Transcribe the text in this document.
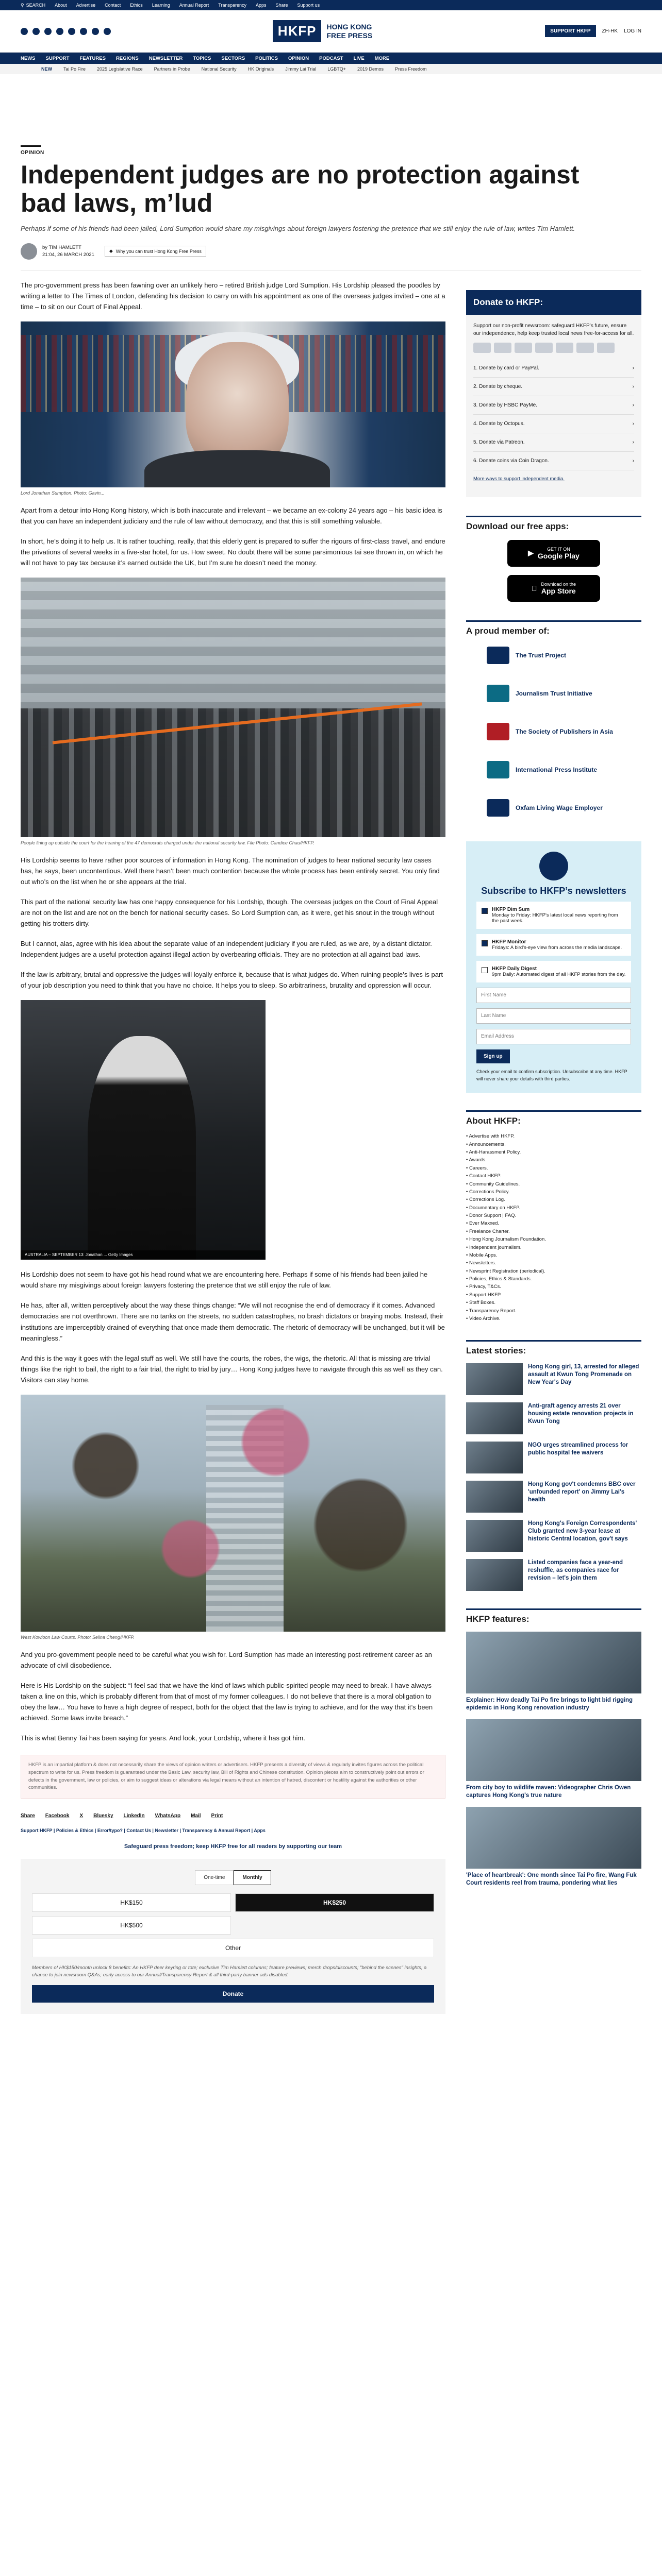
⚲ SEARCH About Advertise Contact Ethics Learning Annual Report Transparency Apps Share Support us
HKFP	HONG KONG FREE PRESS	SUPPORT HKFP	ZH-HK LOG IN
NEWS SUPPORT FEATURES REGIONS NEWSLETTER TOPICS SECTORS POLITICS OPINION PODCAST LIVE MORE
NEW Tai Po Fire 2025 Legislative Race Partners in Probe National Security HK Originals Jimmy Lai Trial LGBTQ+ 2019 Demos Press Freedom
OPINION
Independent judges are no protection against bad laws, m’lud
Perhaps if some of his friends had been jailed, Lord Sumption would share my misgivings about foreign lawyers fostering the pretence that we still enjoy the rule of law, writes Tim Hamlett.
by TIM HAMLETT
21:04, 26 MARCH 2021
◆ Why you can trust Hong Kong Free Press

The pro-government press has been fawning over an unlikely hero – retired British judge Lord Sumption. His Lordship pleased the poodles by writing a letter to The Times of London, defending his decision to carry on with his appointment as one of the overseas judges invited – one at a time – to sit on our Court of Final Appeal.

Lord Jonathan Sumption. Photo: Gavin...

Apart from a detour into Hong Kong history, which is both inaccurate and irrelevant – we became an ex-colony 24 years ago – his basic idea is that you can have an independent judiciary and the rule of law without democracy, and that this is still something valuable.

In short, he’s doing it to help us. It is rather touching, really, that this elderly gent is prepared to suffer the rigours of first-class travel, and endure the privations of several weeks in a five-star hotel, for us. How sweet. No doubt there will be some parsimonious tai see thrown in, on which he will not have to pay tax because it’s earned outside the UK, but I’m sure he doesn’t need the money.

People lining up outside the court for the hearing of the 47 democrats charged under the national security law. File Photo: Candice Chau/HKFP.

His Lordship seems to have rather poor sources of information in Hong Kong. The nomination of judges to hear national security law cases has, he says, been uncontentious. Well there hasn’t been much contention because the whole process has been entirely secret. You only find out who’s on the list when he or she appears at the trial.

This part of the national security law has one happy consequence for his Lordship, though. The overseas judges on the Court of Final Appeal are not on the list and are not on the bench for national security cases. So Lord Sumption can, as it were, get his snout in the trough without getting his trotters dirty.

But I cannot, alas, agree with his idea about the separate value of an independent judiciary if you are ruled, as we are, by a distant dictator. Independent judges are a useful protection against illegal action by overbearing officials. They are no protection at all against bad laws.

If the law is arbitrary, brutal and oppressive the judges will loyally enforce it, because that is what judges do. When ruining people’s lives is part of your job description you need to think that you have no choice. It helps you to sleep. So arbitrariness, brutality and oppression will occur.

AUSTRALIA – SEPTEMBER 13: Jonathan ... Getty Images

His Lordship does not seem to have got his head round what we are encountering here. Perhaps if some of his friends had been jailed he would share my misgivings about foreign lawyers fostering the pretence that we still enjoy the rule of law.

He has, after all, written perceptively about the way these things change: “We will not recognise the end of democracy if it comes. Advanced democracies are not overthrown. There are no tanks on the streets, no sudden catastrophes, no brash dictators or braying mobs. Instead, their institutions are imperceptibly drained of everything that once made them democratic. The rhetoric of democracy will be unchanged, but it will be meaningless.”

And this is the way it goes with the legal stuff as well. We still have the courts, the robes, the wigs, the rhetoric. All that is missing are trivial things like the right to bail, the right to a fair trial, the right to trial by jury… Hong Kong judges have to navigate through this as well as they can. Visitors can stay home.

West Kowloon Law Courts. Photo: Selina Cheng/HKFP.

And you pro-government people need to be careful what you wish for. Lord Sumption has made an interesting post-retirement career as an advocate of civil disobedience.

Here is His Lordship on the subject: “I feel sad that we have the kind of laws which public-spirited people may need to break. I have always taken a line on this, which is probably different from that of most of my former colleagues. I do not believe that there is a moral obligation to obey the law… You have to have a high degree of respect, both for the object that the law is trying to achieve, and for the way that it’s been achieved. Some laws invite breach.”

This is what Benny Tai has been saying for years. And look, your Lordship, where it has got him.

HKFP is an impartial platform & does not necessarily share the views of opinion writers or advertisers. HKFP presents a diversity of views & regularly invites figures across the political spectrum to write for us. Press freedom is guaranteed under the Basic Law, security law, Bill of Rights and Chinese constitution. Opinion pieces aim to constructively point out errors or defects in the government, law or policies, or aim to suggest ideas or alterations via legal means without an intention of hatred, discontent or hostility against the authorities or other communities.
Share Facebook X Bluesky LinkedIn WhatsApp Mail Print
Support HKFP | Policies & Ethics | Error/typo? | Contact Us | Newsletter | Transparency & Annual Report | Apps
Safeguard press freedom; keep HKFP free for all readers by supporting our team
One-time	Monthly
HK$150	HK$250
HK$500
Other
Members of HK$150/month unlock 8 benefits: An HKFP deer keyring or tote; exclusive Tim Hamlett columns; feature previews; merch drops/discounts; "behind the scenes" insights; a chance to join newsroom Q&As; early access to our Annual/Transparency Report & all third-party banner ads disabled.
Donate
Donate to HKFP:
Support our non-profit newsroom: safeguard HKFP’s future, ensure our independence, help keep trusted local news free-for-access for all.
1. Donate by card or PayPal.	›
2. Donate by cheque.	›
3. Donate by HSBC PayMe.	›
4. Donate by Octopus.	›
5. Donate via Patreon.	›
6. Donate coins via Coin Dragon.	›
More ways to support independent media.
Download our free apps:
▶	GET IT ON
Google Play
Download on the
App Store
A proud member of:
The Trust Project
Journalism Trust Initiative
The Society of Publishers in Asia
International Press Institute
Oxfam Living Wage Employer
Subscribe to HKFP’s newsletters
HKFP Dim Sum
Monday to Friday: HKFP's latest local news reporting from the past week.
HKFP Monitor
Fridays: A bird's-eye view from across the media landscape.
HKFP Daily Digest
9pm Daily: Automated digest of all HKFP stories from the day.
First Name
Last Name
Email Address
Sign up
Check your email to confirm subscription. Unsubscribe at any time. HKFP will never share your details with third parties.
About HKFP:
• Advertise with HKFP.
• Announcements.
• Anti-Harassment Policy.
• Awards.
• Careers.
• Contact HKFP.
• Community Guidelines.
• Corrections Policy.
• Corrections Log.
• Documentary on HKFP.
• Donor Support | FAQ.
• Ever Maxxed.
• Freelance Charter.
• Hong Kong Journalism Foundation.
• Independent journalism.
• Mobile Apps.
• Newsletters.
• Newsprint Registration (periodical).
• Policies, Ethics & Standards.
• Privacy, T&Cs.
• Support HKFP.
• Staff Boxes.
• Transparency Report.
• Video Archive.
Latest stories:
Hong Kong girl, 13, arrested for alleged assault at Kwun Tong Promenade on New Year's Day
Anti-graft agency arrests 21 over housing estate renovation projects in Kwun Tong
NGO urges streamlined process for public hospital fee waivers
Hong Kong gov't condemns BBC over 'unfounded report' on Jimmy Lai's health
Hong Kong's Foreign Correspondents' Club granted new 3-year lease at historic Central location, gov't says
Listed companies face a year-end reshuffle, as companies race for revision – let's join them
HKFP features:
Explainer: How deadly Tai Po fire brings to light bid rigging epidemic in Hong Kong renovation industry
From city boy to wildlife maven: Videographer Chris Owen captures Hong Kong's true nature
'Place of heartbreak': One month since Tai Po fire, Wang Fuk Court residents reel from trauma, pondering what lies
